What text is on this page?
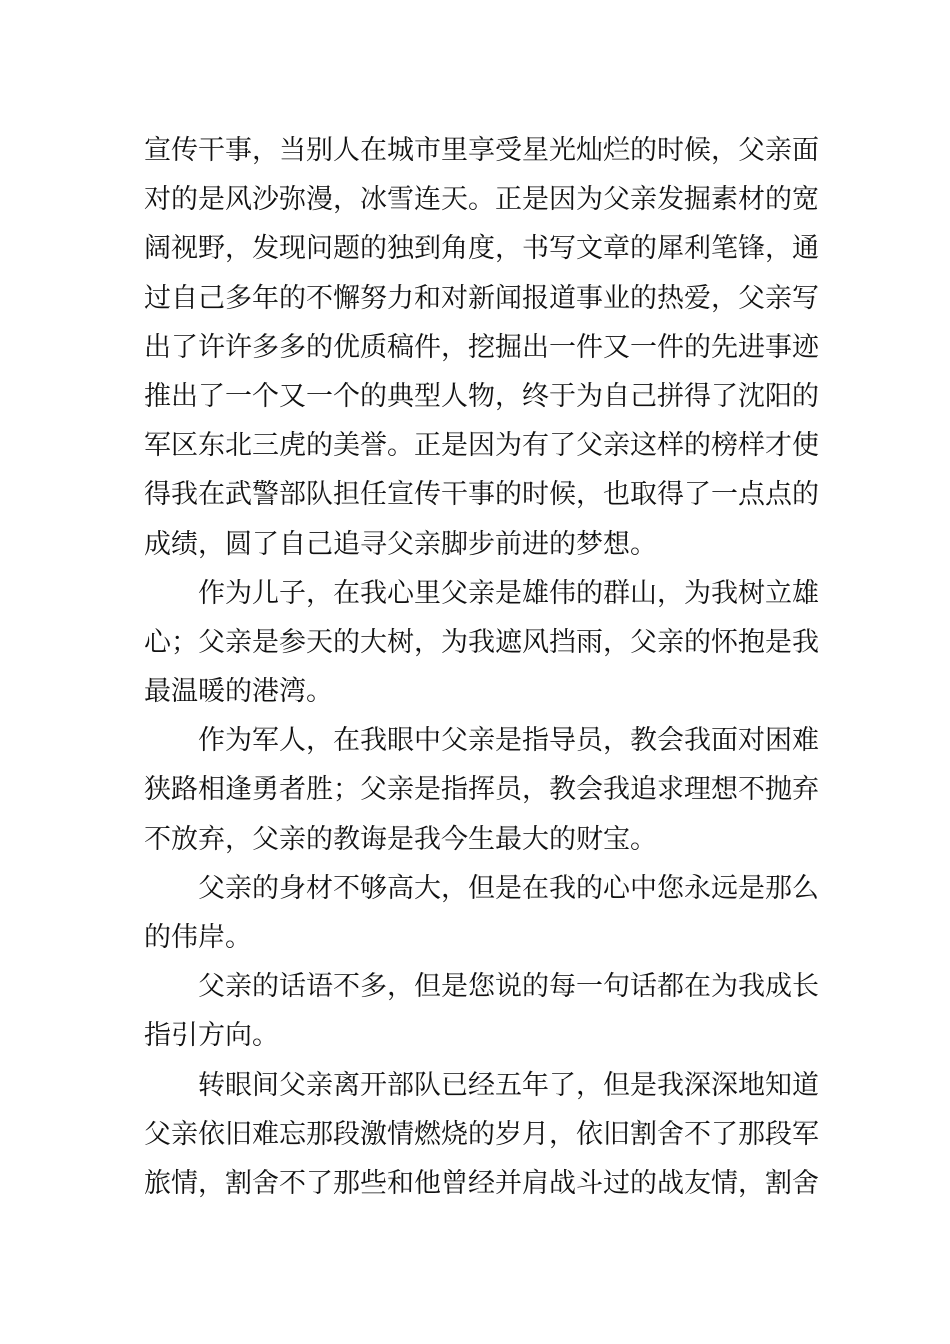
宣传干事，当别人在城市里享受星光灿烂的时候，父亲面
对的是风沙弥漫，冰雪连天。正是因为父亲发掘素材的宽
阔视野，发现问题的独到角度，书写文章的犀利笔锋，通
过自己多年的不懈努力和对新闻报道事业的热爱，父亲写
出了许许多多的优质稿件，挖掘出一件又一件的先进事迹
推出了一个又一个的典型人物，终于为自己拼得了沈阳的
军区东北三虎的美誉。正是因为有了父亲这样的榜样才使
得我在武警部队担任宣传干事的时候，也取得了一点点的
成绩，圆了自己追寻父亲脚步前进的梦想。
作为儿子，在我心里父亲是雄伟的群山，为我树立雄
心；父亲是参天的大树，为我遮风挡雨，父亲的怀抱是我
最温暖的港湾。
作为军人，在我眼中父亲是指导员，教会我面对困难
狭路相逢勇者胜；父亲是指挥员，教会我追求理想不抛弃
不放弃，父亲的教诲是我今生最大的财宝。
父亲的身材不够高大，但是在我的心中您永远是那么
的伟岸。
父亲的话语不多，但是您说的每一句话都在为我成长
指引方向。
转眼间父亲离开部队已经五年了，但是我深深地知道
父亲依旧难忘那段激情燃烧的岁月，依旧割舍不了那段军
旅情，割舍不了那些和他曾经并肩战斗过的战友情，割舍
